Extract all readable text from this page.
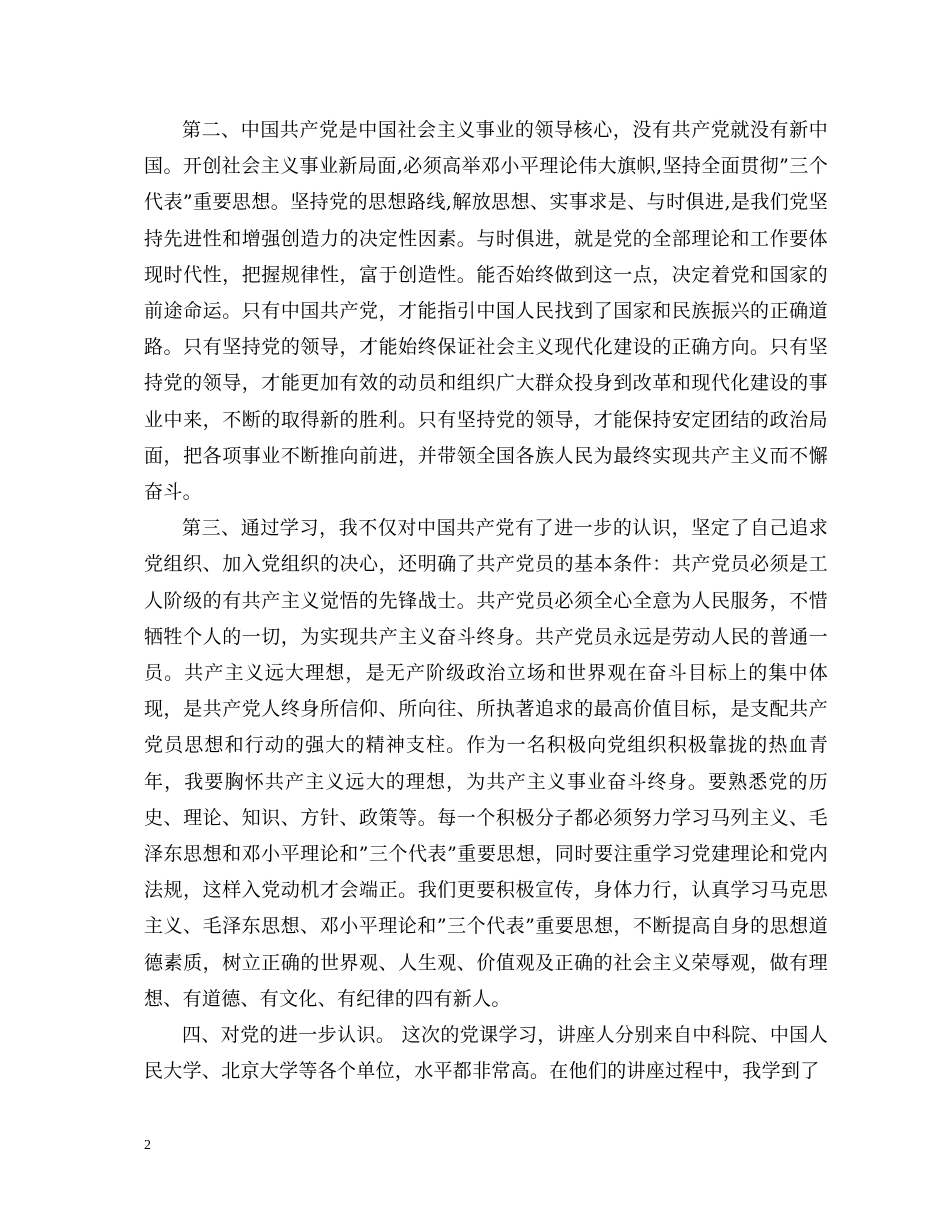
第二、中国共产党是中国社会主义事业的领导核心，没有共产党就没有新中国。开创社会主义事业新局面,必须高举邓小平理论伟大旗帜,坚持全面贯彻”三个代表”重要思想。坚持党的思想路线,解放思想、实事求是、与时俱进,是我们党坚持先进性和增强创造力的决定性因素。与时俱进，就是党的全部理论和工作要体现时代性，把握规律性，富于创造性。能否始终做到这一点，决定着党和国家的前途命运。只有中国共产党，才能指引中国人民找到了国家和民族振兴的正确道路。只有坚持党的领导，才能始终保证社会主义现代化建设的正确方向。只有坚持党的领导，才能更加有效的动员和组织广大群众投身到改革和现代化建设的事业中来，不断的取得新的胜利。只有坚持党的领导，才能保持安定团结的政治局面，把各项事业不断推向前进，并带领全国各族人民为最终实现共产主义而不懈奋斗。

第三、通过学习，我不仅对中国共产党有了进一步的认识，坚定了自己追求党组织、加入党组织的决心，还明确了共产党员的基本条件：共产党员必须是工人阶级的有共产主义觉悟的先锋战士。共产党员必须全心全意为人民服务，不惜牺牲个人的一切，为实现共产主义奋斗终身。共产党员永远是劳动人民的普通一员。共产主义远大理想，是无产阶级政治立场和世界观在奋斗目标上的集中体现，是共产党人终身所信仰、所向往、所执著追求的最高价值目标，是支配共产党员思想和行动的强大的精神支柱。作为一名积极向党组织积极靠拢的热血青年，我要胸怀共产主义远大的理想，为共产主义事业奋斗终身。要熟悉党的历史、理论、知识、方针、政策等。每一个积极分子都必须努力学习马列主义、毛泽东思想和邓小平理论和”三个代表”重要思想，同时要注重学习党建理论和党内法规，这样入党动机才会端正。我们更要积极宣传，身体力行，认真学习马克思主义、毛泽东思想、邓小平理论和”三个代表”重要思想，不断提高自身的思想道德素质，树立正确的世界观、人生观、价值观及正确的社会主义荣辱观，做有理想、有道德、有文化、有纪律的四有新人。

四、对党的进一步认识。 这次的党课学习，讲座人分别来自中科院、中国人民大学、北京大学等各个单位，水平都非常高。在他们的讲座过程中，我学到了

2
